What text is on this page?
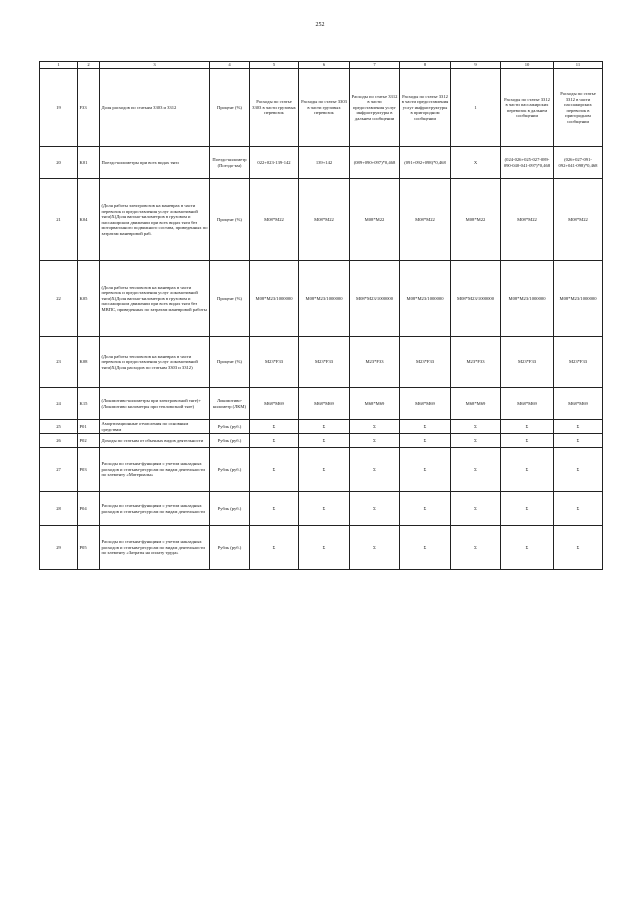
252
1	2	3	4	5	6	7	8	9	10	11
19	F33	Доля расходов по статьям 3303 и 3312	Процент (%)	Расходы по статье 3303 в части грузовых перевозок	Расходы по статье 3303 в части грузовых перевозок	Расходы по статье 3312 в части предоставления услуг инфраструктуры в дальнем сообщении	Расходы по статье 3312 в части предоставления услуг инфраструктуры в пригородном сообщении	1	Расходы по статье 3312 в части пассажирских перевозок в дальнем сообщении	Расходы по статье 3312 в части пассажирских перевозок в пригородном сообщении
20	K01	Поездо-километры при всех видах тяги	Поездо-километр (Поездо-км)	022+023-139-142	139+142	(089+090+097)*0,468	(091+092+098)*0,468	X	(024-026+025-027-089-090-040-041-097)*0,468	(026+027-091-092+041-098)*0,468
21	K04	(Доля работы электровозов на маневрах в части перевозок и предоставления услуг локомотивной тяги)Х(Доля вагоно-километров в грузовом и пассажирском движении при всех видах тяги без моторвагонного подвижного состава, приведенных по затратам маневровой ра6.	Процент (%)	M08*M22	M08*M22	M08*M22	M08*M22	M08*M22	M08*M22	M08*M22
22	K05	(Доля работы тепловозов на маневрах в части перевозок и предоставления услуг локомотивной тяги)Х(Доля вагоно-километров в грузовом и пассажирском движении при всех видах тяги без МВПС, приведенных по затратам маневровой работы	Процент (%)	M08*M23/1000000	M08*M23/1000000	M08*M23/1000000	M08*M23/1000000	M08*M23/1000000	M08*M23/1000000	M08*M23/1000000
23	K08	(Доля работы тепловозов на маневрах в части перевозок и предоставления услуг локомотивной тяги)Х(Доля расходов по статьям 3303 и 3312)	Процент (%)	M23*F33	M23*F33	M23*F33	M23*F33	M23*F33	M23*F33	M23*F33
24	K15	(Локомотиво-километры при электровозной тяге)+(Локомотиво километры при тепловозной тяге)	Локомотиво-километр (ЛКМ)	M68*M69	M68*M69	M68*M69	M68*M69	M68*M69	M68*M69	M68*M69
25	P01	Амортизационные отчисления по основным средствам	Рубль (руб.)	Σ	Σ	Σ	Σ	Σ	Σ	Σ
26	P02	Доходы по статьям от обычных видов деятельности	Рубль (руб.)	Σ	Σ	Σ	Σ	Σ	Σ	Σ
27	P03	Расходы по статьям-функциям с учетом накладных расходов и статьям-ресурсам по видам деятельности по элементу «Материалы»	Рубль (руб.)	Σ	Σ	Σ	Σ	Σ	Σ	Σ
28	P04	Расходы по статьям-функциям с учетом накладных расходов и статьям-ресурсам по видам деятельности	Рубль (руб.)	Σ	Σ	Σ	Σ	Σ	Σ	Σ
29	P05	Расходы по статьям-функциям с учетом накладных расходов и статьям-ресурсам по видам деятельности по элементу «Затраты на оплату труда»	Рубль (руб.)	Σ	Σ	Σ	Σ	Σ	Σ	Σ
